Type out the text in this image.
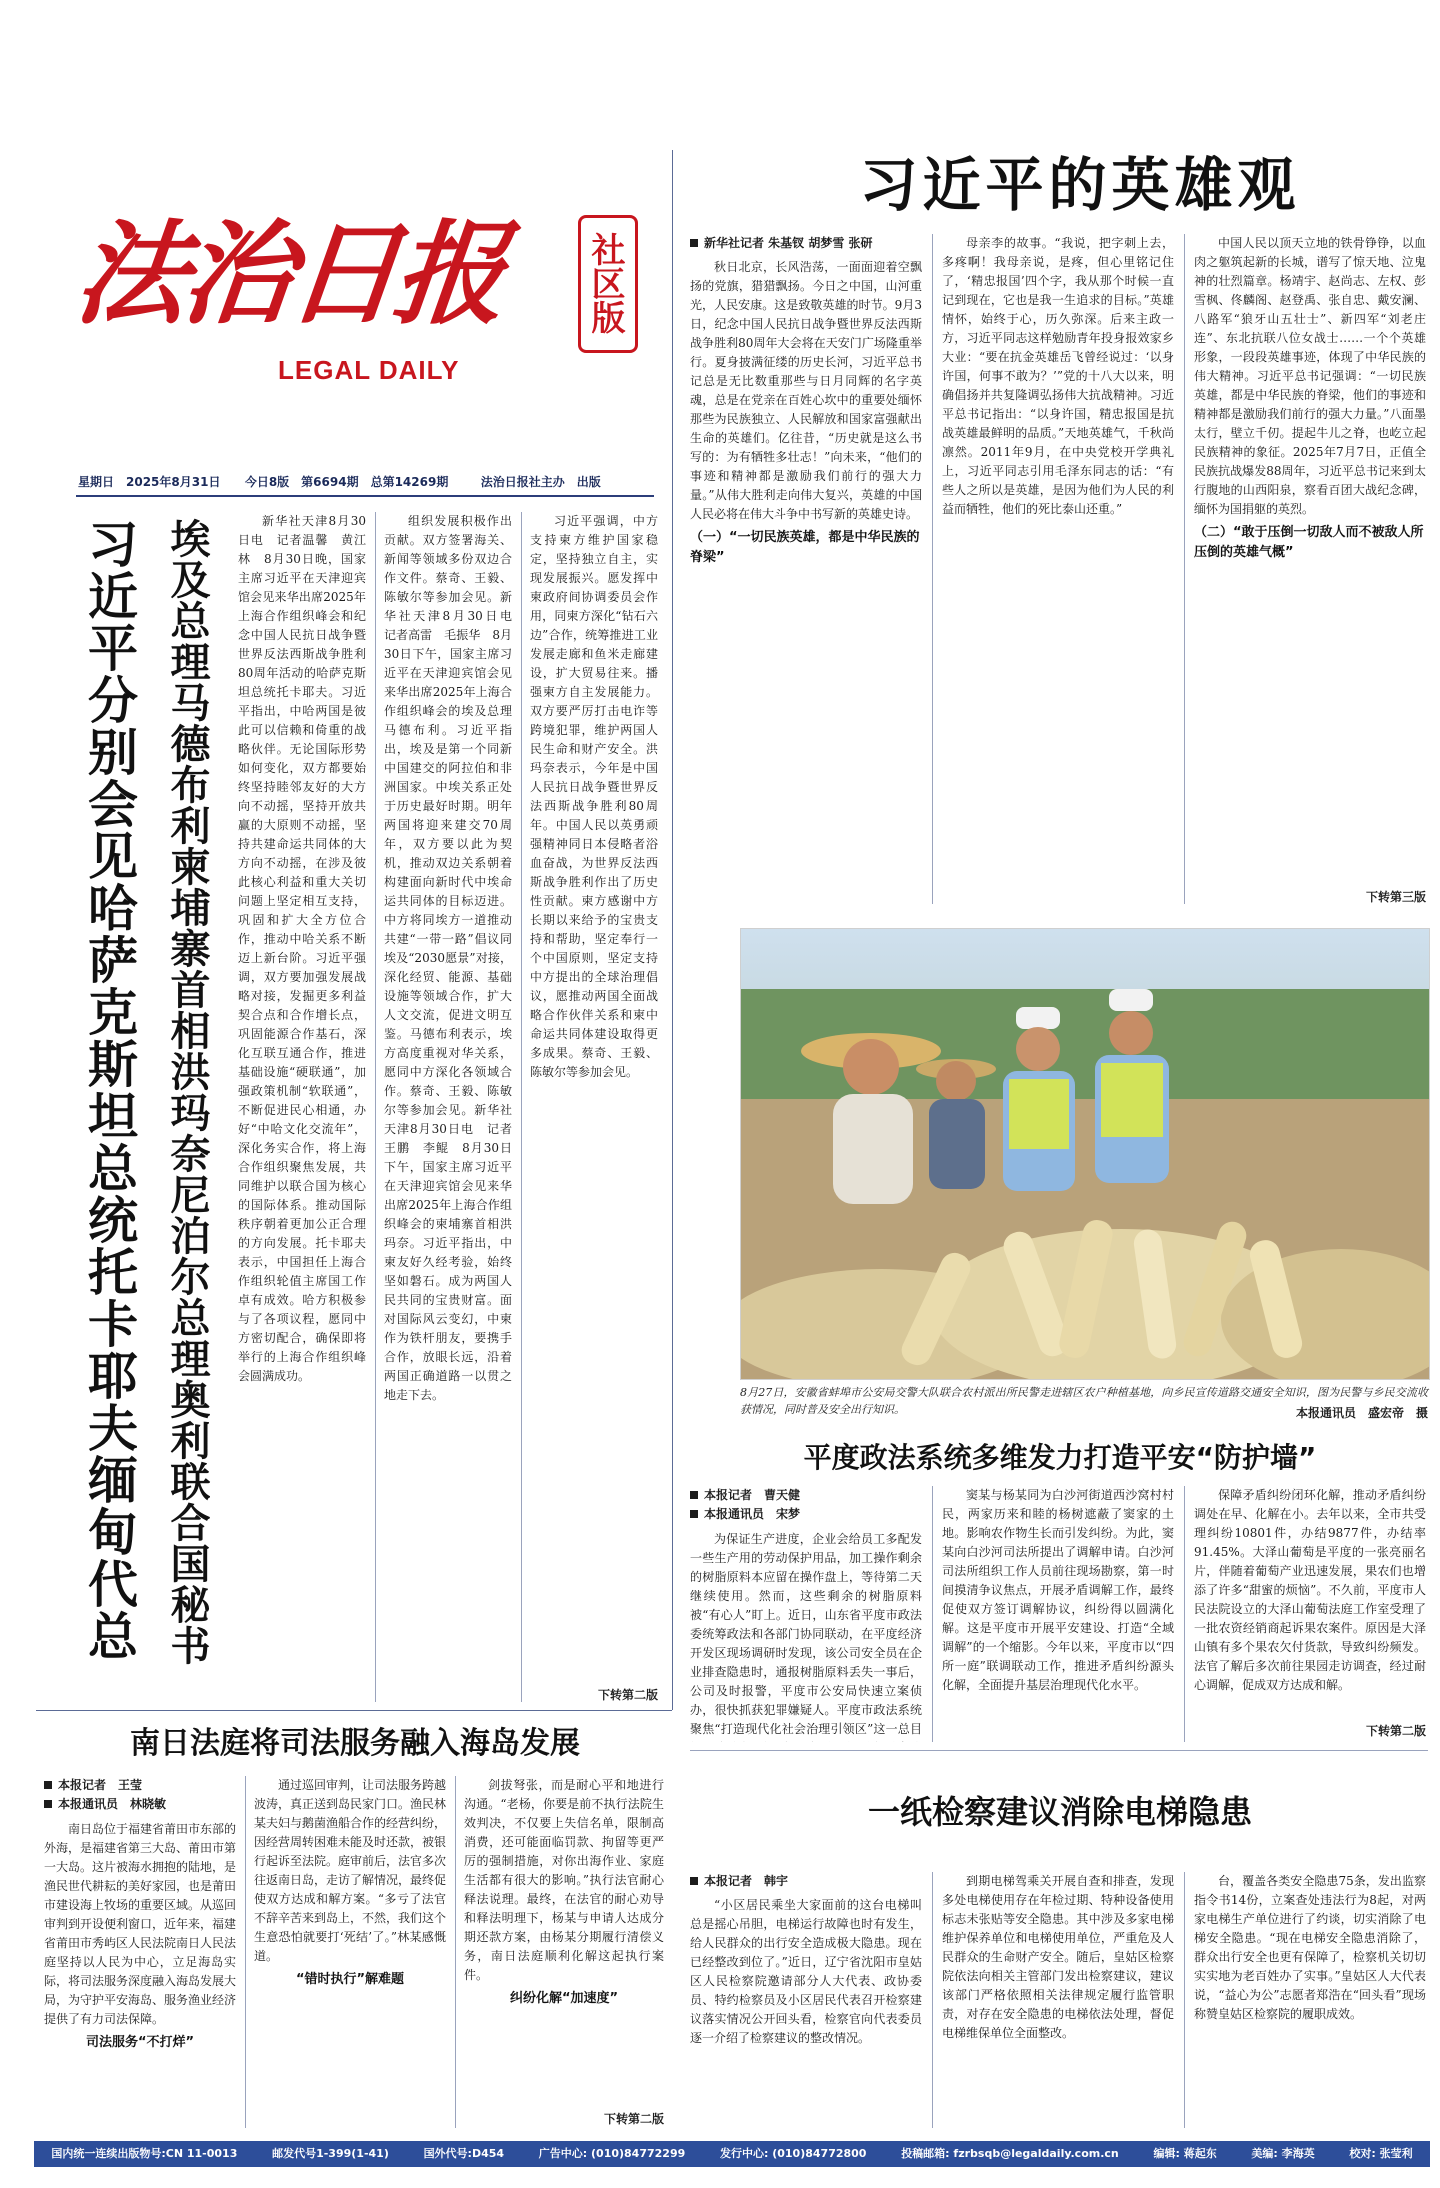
法治日报 社区版
LEGAL DAILY
星期日　2025年8月31日 今日8版　第6694期　总第14269期	法治日报社主办　出版
习近平的英雄观
习近平分别会见哈萨克斯坦总统托卡耶夫缅甸代总
埃及总理马德布利柬埔寨首相洪玛奈尼泊尔总理奥利联合国秘书

新华社天津8月30日电　记者温馨　黄江林　8月30日晚，国家主席习近平在天津迎宾馆会见来华出席2025年上海合作组织峰会和纪念中国人民抗日战争暨世界反法西斯战争胜利80周年活动的哈萨克斯坦总统托卡耶夫。习近平指出，中哈两国是彼此可以信赖和倚重的战略伙伴。无论国际形势如何变化，双方都要始终坚持睦邻友好的大方向不动摇，坚持开放共赢的大原则不动摇，坚持共建命运共同体的大方向不动摇，在涉及彼此核心利益和重大关切问题上坚定相互支持，巩固和扩大全方位合作，推动中哈关系不断迈上新台阶。习近平强调，双方要加强发展战略对接，发掘更多利益契合点和合作增长点，巩固能源合作基石，深化互联互通合作，推进基础设施“硬联通”，加强政策机制“软联通”，不断促进民心相通，办好“中哈文化交流年”，深化务实合作，将上海合作组织聚焦发展，共同维护以联合国为核心的国际体系。推动国际秩序朝着更加公正合理的方向发展。托卡耶夫表示，中国担任上海合作组织轮值主席国工作卓有成效。哈方积极参与了各项议程，愿同中方密切配合，确保即将举行的上海合作组织峰会圆满成功。

组织发展积极作出贡献。双方签署海关、新闻等领域多份双边合作文件。蔡奇、王毅、陈敏尔等参加会见。新华社天津8月30日电　记者高雷　毛振华　8月30日下午，国家主席习近平在天津迎宾馆会见来华出席2025年上海合作组织峰会的埃及总理马德布利。习近平指出，埃及是第一个同新中国建交的阿拉伯和非洲国家。中埃关系正处于历史最好时期。明年两国将迎来建交70周年，双方要以此为契机，推动双边关系朝着构建面向新时代中埃命运共同体的目标迈进。中方将同埃方一道推动共建“一带一路”倡议同埃及“2030愿景”对接，深化经贸、能源、基础设施等领域合作，扩大人文交流，促进文明互鉴。马德布利表示，埃方高度重视对华关系，愿同中方深化各领域合作。蔡奇、王毅、陈敏尔等参加会见。新华社天津8月30日电　记者王鹏　李鲲　8月30日下午，国家主席习近平在天津迎宾馆会见来华出席2025年上海合作组织峰会的柬埔寨首相洪玛奈。习近平指出，中柬友好久经考验，始终坚如磐石。成为两国人民共同的宝贵财富。面对国际风云变幻，中柬作为铁杆朋友，要携手合作，放眼长远，沿着两国正确道路一以贯之地走下去。

习近平强调，中方支持柬方维护国家稳定，坚持独立自主，实现发展振兴。愿发挥中柬政府间协调委员会作用，同柬方深化“钻石六边”合作，统筹推进工业发展走廊和鱼米走廊建设，扩大贸易往来。播强柬方自主发展能力。双方要严厉打击电诈等跨境犯罪，维护两国人民生命和财产安全。洪玛奈表示，今年是中国人民抗日战争暨世界反法西斯战争胜利80周年。中国人民以英勇顽强精神同日本侵略者浴血奋战，为世界反法西斯战争胜利作出了历史性贡献。柬方感谢中方长期以来给予的宝贵支持和帮助，坚定奉行一个中国原则，坚定支持中方提出的全球治理倡议，愿推动两国全面战略合作伙伴关系和柬中命运共同体建设取得更多成果。蔡奇、王毅、陈敏尔等参加会见。

下转第二版
新华社记者 朱基钗 胡梦雪 张研

秋日北京，长风浩荡，一面面迎着空飘扬的党旗，猎猎飘扬。今日之中国，山河重光，人民安康。这是致敬英雄的时节。9月3日，纪念中国人民抗日战争暨世界反法西斯战争胜利80周年大会将在天安门广场隆重举行。夏身披满征缕的历史长河，习近平总书记总是无比数重那些与日月同辉的名字英魂，总是在党亲在百姓心坎中的重要处缅怀那些为民族独立、人民解放和国家富强献出生命的英雄们。亿往昔，“历史就是这么书写的：为有牺牲多壮志！”向未来，“他们的事迹和精神都是激励我们前行的强大力量。”从伟大胜利走向伟大复兴，英雄的中国人民必将在伟大斗争中书写新的英雄史诗。

（一）“一切民族英雄，都是中华民族的脊梁”

母亲李的故事。“我说，把字刺上去，多疼啊！我母亲说，是疼，但心里铭记住了，‘精忠报国’四个字，我从那个时候一直记到现在，它也是我一生追求的目标。”英雄情怀，始终于心，历久弥深。后来主政一方，习近平同志这样勉励青年投身报效家乡大业：“要在抗金英雄岳飞曾经说过：‘以身许国，何事不敢为？’”党的十八大以来，明确倡扬并共复隆调弘扬伟大抗战精神。习近平总书记指出：“以身许国，精忠报国是抗战英雄最鲜明的品质。”天地英雄气，千秋尚凛然。2011年9月，在中央党校开学典礼上，习近平同志引用毛泽东同志的话：“有些人之所以是英雄，是因为他们为人民的利益而牺牲，他们的死比泰山还重。”

中国人民以顶天立地的铁骨铮铮，以血肉之躯筑起新的长城，谱写了惊天地、泣鬼神的壮烈篇章。杨靖宇、赵尚志、左权、彭雪枫、佟麟阁、赵登禹、张自忠、戴安澜、八路军“狼牙山五壮士”、新四军“刘老庄连”、东北抗联八位女战士……一个个英雄形象，一段段英雄事迹，体现了中华民族的伟大精神。习近平总书记强调：“一切民族英雄，都是中华民族的脊梁，他们的事迹和精神都是激励我们前行的强大力量。”八面墨太行，壁立千仞。提起牛儿之脊，也屹立起民族精神的象征。2025年7月7日，正值全民族抗战爆发88周年，习近平总书记来到太行腹地的山西阳泉，察看百团大战纪念碑，缅怀为国捐躯的英烈。

（二）“敢于压倒一切敌人而不被敌人所压倒的英雄气概”
下转第三版
8月27日，安徽省蚌埠市公安局交警大队联合农村派出所民警走进辖区农户种植基地，向乡民宣传道路交通安全知识，图为民警与乡民交流收获情况，同时普及安全出行知识。	本报通讯员　盛宏帝　摄
平度政法系统多维发力打造平安“防护墙”
本报记者　曹天健
本报通讯员　宋梦

为保证生产进度，企业会给员工多配发一些生产用的劳动保护用品，加工操作剩余的树脂原料本应留在操作盘上，等待第二天继续使用。然而，这些剩余的树脂原料被“有心人”盯上。近日，山东省平度市政法委统筹政法和各部门协同联动，在平度经济开发区现场调研时发现，该公司安全员在企业排查隐患时，通报树脂原料丢失一事后，公司及时报警，平度市公安局快速立案侦办，很快抓获犯罪嫌疑人。平度市政法系统聚焦“打造现代化社会治理引领区”这一总目

窦某与杨某同为白沙河街道西沙窝村村民，两家历来和睦的杨树遮蔽了窦家的土地。影响农作物生长而引发纠纷。为此，窦某向白沙河司法所提出了调解申请。白沙河司法所组织工作人员前往现场勘察，第一时间摸清争议焦点，开展矛盾调解工作，最终促使双方签订调解协议，纠纷得以圆满化解。这是平度市开展平安建设、打造“全域调解”的一个缩影。今年以来，平度市以“四所一庭”联调联动工作，推进矛盾纠纷源头化解，全面提升基层治理现代化水平。

保障矛盾纠纷闭环化解，推动矛盾纠纷调处在早、化解在小。去年以来，全市共受理纠纷10801件，办结9877件，办结率91.45%。大泽山葡萄是平度的一张亮丽名片，伴随着葡萄产业迅速发展，果农们也增添了许多“甜蜜的烦恼”。不久前，平度市人民法院设立的大泽山葡萄法庭工作室受理了一批农资经销商起诉果农案件。原因是大泽山镇有多个果农欠付货款，导致纠纷频发。法官了解后多次前往果园走访调查，经过耐心调解，促成双方达成和解。

下转第二版
南日法庭将司法服务融入海岛发展
本报记者　王莹
本报通讯员　林晓敏

南日岛位于福建省莆田市东部的外海，是福建省第三大岛、莆田市第一大岛。这片被海水拥抱的陆地，是渔民世代耕耘的美好家园，也是莆田市建设海上牧场的重要区域。从巡回审判到开设便利窗口，近年来，福建省莆田市秀屿区人民法院南日人民法庭坚持以人民为中心，立足海岛实际，将司法服务深度融入海岛发展大局，为守护平安海岛、服务渔业经济提供了有力司法保障。

司法服务“不打烊”

通过巡回审判，让司法服务跨越波涛，真正送到岛民家门口。渔民林某夫妇与鹅菌渔船合作的经营纠纷，因经营周转困难未能及时还款，被银行起诉至法院。庭审前后，法官多次往返南日岛，走访了解情况，最终促使双方达成和解方案。“多亏了法官不辞辛苦来到岛上，不然，我们这个生意恐怕就要打‘死结’了。”林某感慨道。

“错时执行”解难题

剑拔弩张，而是耐心平和地进行沟通。“老杨，你要是前不执行法院生效判决，不仅要上失信名单，限制高消费，还可能面临罚款、拘留等更严厉的强制措施，对你出海作业、家庭生活都有很大的影响。”执行法官耐心释法说理。最终，在法官的耐心劝导和释法明理下，杨某与申请人达成分期还款方案，由杨某分期履行清偿义务，南日法庭顺利化解这起执行案件。

纠纷化解“加速度”
下转第二版
一纸检察建议消除电梯隐患
本报记者　韩宇

“小区居民乘坐大家面前的这台电梯叫总是摇心吊胆，电梯运行故障也时有发生，给人民群众的出行安全造成极大隐患。现在已经整改到位了。”近日，辽宁省沈阳市皇姑区人民检察院邀请部分人大代表、政协委员、特约检察员及小区居民代表召开检察建议落实情况公开回头看，检察官向代表委员逐一介绍了检察建议的整改情况。

到期电梯驾乘关开展自查和排查，发现多处电梯使用存在年检过期、特种设备使用标志未张贴等安全隐患。其中涉及多家电梯维护保养单位和电梯使用单位，严重危及人民群众的生命财产安全。随后，皇姑区检察院依法向相关主管部门发出检察建议，建议该部门严格依照相关法律规定履行监管职责，对存在安全隐患的电梯依法处理，督促电梯维保单位全面整改。

台，覆盖各类安全隐患75条，发出监察指令书14份，立案查处违法行为8起，对两家电梯生产单位进行了约谈，切实消除了电梯安全隐患。“现在电梯安全隐患消除了，群众出行安全也更有保障了，检察机关切切实实地为老百姓办了实事。”皇姑区人大代表说，“益心为公”志愿者郑浩在“回头看”现场称赞皇姑区检察院的履职成效。

国内统一连续出版物号:CN 11-0013	邮发代号1-399(1-41)	国外代号:D454	广告中心: (010)84772299	发行中心: (010)84772800	投稿邮箱: fzrbsqb@legaldaily.com.cn	编辑: 蒋起东	美编: 李海英	校对: 张莹利
